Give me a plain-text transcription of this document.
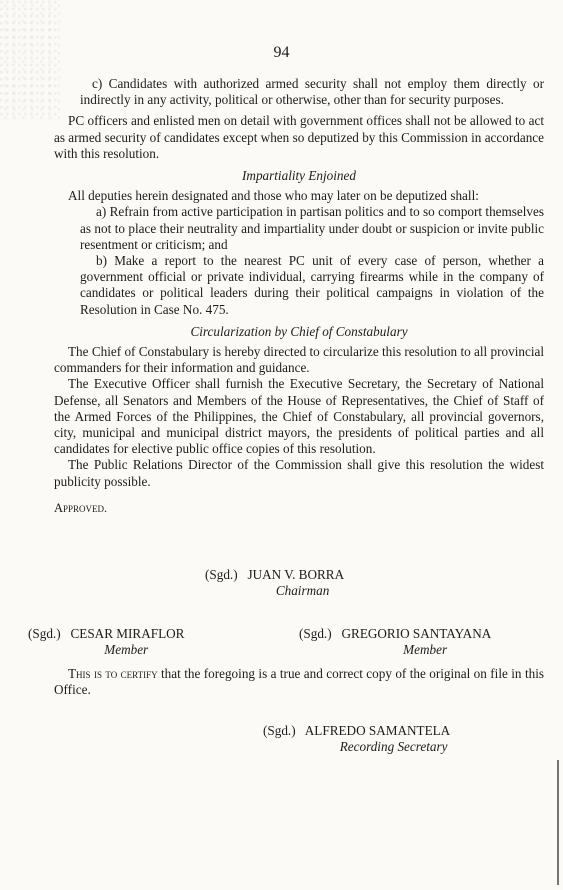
94

c) Candidates with authorized armed security shall not employ them directly or indirectly in any activity, political or otherwise, other than for security purposes.

PC officers and enlisted men on detail with government offices shall not be allowed to act as armed security of candidates except when so deputized by this Commission in accordance with this resolution.

Impartiality Enjoined

All deputies herein designated and those who may later on be deputized shall:

a) Refrain from active participation in partisan politics and to so comport themselves as not to place their neutrality and impartiality under doubt or suspicion or invite public resentment or criticism; and

b) Make a report to the nearest PC unit of every case of person, whether a government official or private individual, carrying firearms while in the company of candidates or political leaders during their political campaigns in violation of the Resolution in Case No. 475.

Circularization by Chief of Constabulary

The Chief of Constabulary is hereby directed to circularize this resolution to all provincial commanders for their information and guidance.

The Executive Officer shall furnish the Executive Secretary, the Secretary of National Defense, all Senators and Members of the House of Representatives, the Chief of Staff of the Armed Forces of the Philippines, the Chief of Constabulary, all provincial governors, city, municipal and municipal district mayors, the presidents of political parties and all candidates for elective public office copies of this resolution.

The Public Relations Director of the Commission shall give this resolution the widest publicity possible.

Approved.

(Sgd.) JUAN V. BORRA
Chairman
(Sgd.) CESAR MIRAFLOR
Member
(Sgd.) GREGORIO SANTAYANA
Member

This is to certify that the foregoing is a true and correct copy of the original on file in this Office.

(Sgd.) ALFREDO SAMANTELA
Recording Secretary
